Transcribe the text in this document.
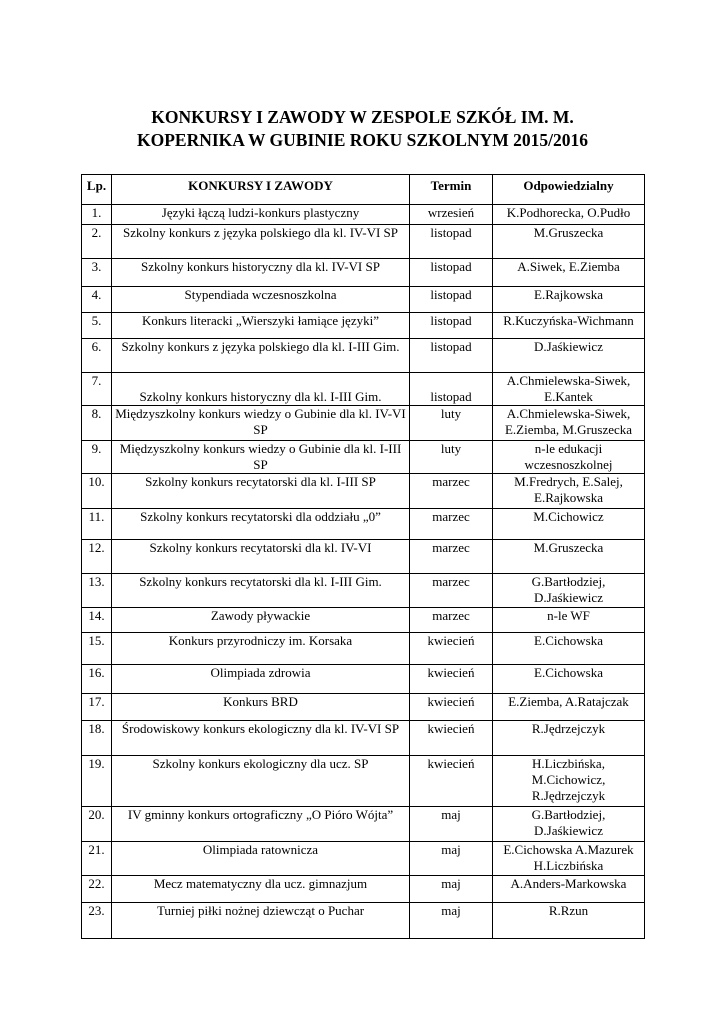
KONKURSY I ZAWODY W ZESPOLE SZKÓŁ IM. M.
KOPERNIKA W GUBINIE ROKU SZKOLNYM 2015/2016
Lp.	KONKURSY I ZAWODY	Termin	Odpowiedzialny
1.	Języki łączą ludzi-konkurs plastyczny	wrzesień	K.Podhorecka, O.Pudło
2.	Szkolny konkurs z języka polskiego dla kl. IV-VI SP	listopad	M.Gruszecka
3.	Szkolny konkurs historyczny dla kl. IV-VI SP	listopad	A.Siwek, E.Ziemba
4.	Stypendiada wczesnoszkolna	listopad	E.Rajkowska
5.	Konkurs literacki „Wierszyki łamiące języki”	listopad	R.Kuczyńska-Wichmann
6.	Szkolny konkurs z języka polskiego dla kl. I-III Gim.	listopad	D.Jaśkiewicz
7.	Szkolny konkurs historyczny dla kl. I-III Gim.	listopad	A.Chmielewska-Siwek, E.Kantek
8.	Międzyszkolny konkurs wiedzy o Gubinie dla kl. IV-VI SP	luty	A.Chmielewska-Siwek, E.Ziemba, M.Gruszecka
9.	Międzyszkolny konkurs wiedzy o Gubinie dla kl. I-III SP	luty	n-le edukacji wczesnoszkolnej
10.	Szkolny konkurs recytatorski dla kl. I-III SP	marzec	M.Fredrych, E.Salej, E.Rajkowska
11.	Szkolny konkurs recytatorski dla oddziału „0”	marzec	M.Cichowicz
12.	Szkolny konkurs recytatorski dla kl. IV-VI	marzec	M.Gruszecka
13.	Szkolny konkurs recytatorski dla kl. I-III Gim.	marzec	G.Bartłodziej, D.Jaśkiewicz
14.	Zawody pływackie	marzec	n-le WF
15.	Konkurs przyrodniczy im. Korsaka	kwiecień	E.Cichowska
16.	Olimpiada zdrowia	kwiecień	E.Cichowska
17.	Konkurs BRD	kwiecień	E.Ziemba, A.Ratajczak
18.	Środowiskowy konkurs ekologiczny dla kl. IV-VI SP	kwiecień	R.Jędrzejczyk
19.	Szkolny konkurs ekologiczny dla ucz. SP	kwiecień	H.Liczbińska, M.Cichowicz, R.Jędrzejczyk
20.	IV gminny konkurs ortograficzny „O Pióro Wójta”	maj	G.Bartłodziej, D.Jaśkiewicz
21.	Olimpiada ratownicza	maj	E.Cichowska A.Mazurek H.Liczbińska
22.	Mecz matematyczny dla ucz. gimnazjum	maj	A.Anders-Markowska
23.	Turniej piłki nożnej dziewcząt o Puchar	maj	R.Rzun
